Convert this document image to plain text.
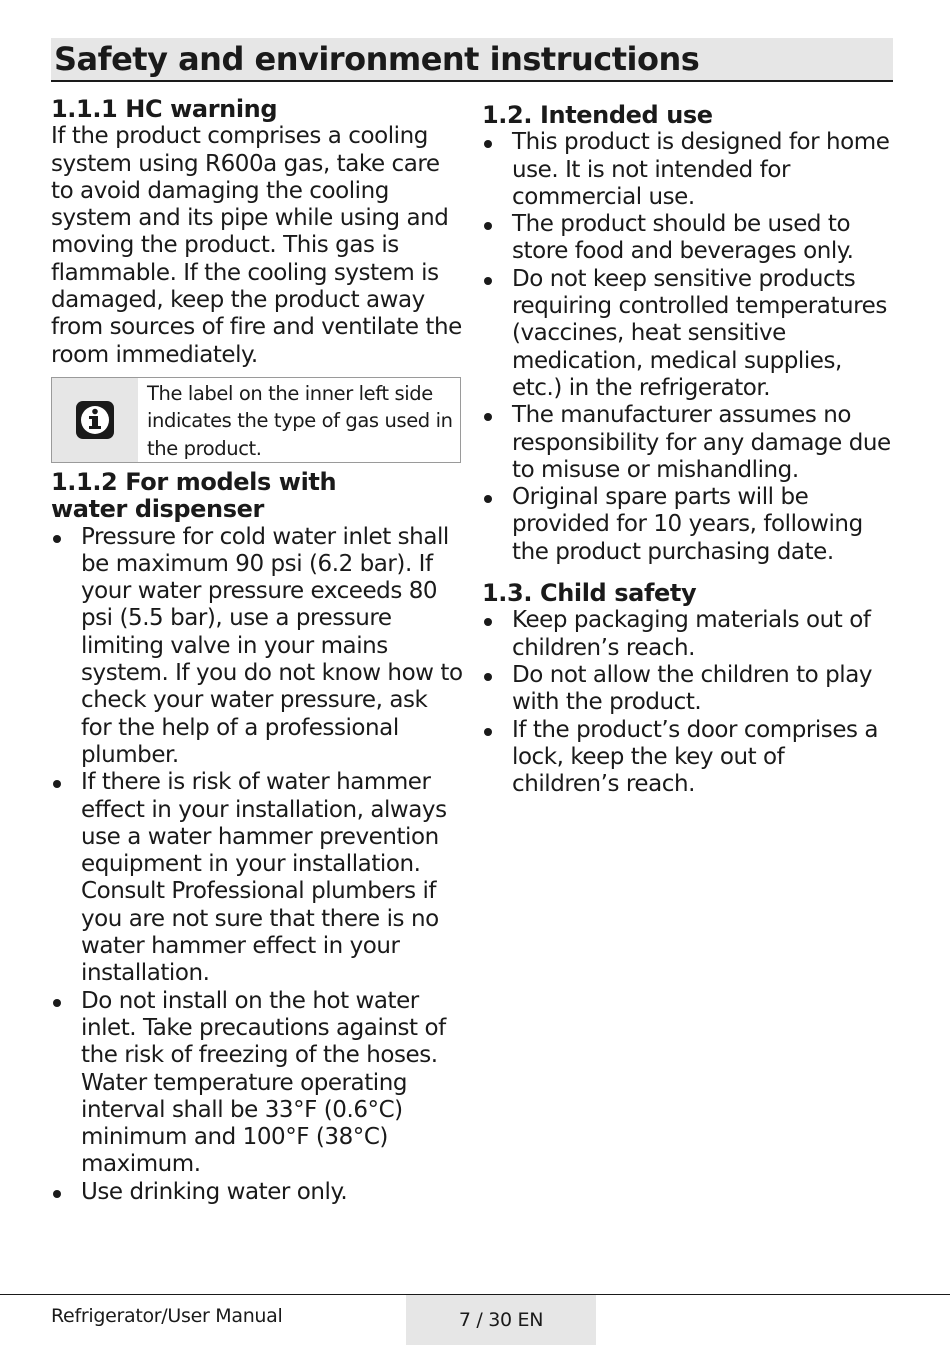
Safety and environment instructions
1.1.1 HC warning

If the product comprises a cooling system using R600a gas, take care to avoid damaging the cooling system and its pipe while using and moving the product. This gas is flammable. If the cooling system is damaged, keep the product away from sources of fire and ventilate the room immediately.

The label on the inner left side indicates the type of gas used in the product.
1.1.2 For models with
water dispenser
Pressure for cold water inlet shall be maximum 90 psi (6.2 bar). If your water pressure exceeds 80 psi (5.5 bar), use a pressure limiting valve in your mains system. If you do not know how to check your water pressure, ask for the help of a professional plumber.
If there is risk of water hammer effect in your installation, always use a water hammer prevention equipment in your installation. Consult Professional plumbers if you are not sure that there is no water hammer effect in your installation.
Do not install on the hot water inlet. Take precautions against of the risk of freezing of the hoses. Water temperature operating interval shall be 33°F (0.6°C) minimum and 100°F (38°C) maximum.
Use drinking water only.
1.2. Intended use
This product is designed for home use. It is not intended for commercial use.
The product should be used to store food and beverages only.
Do not keep sensitive products requiring controlled temperatures (vaccines, heat sensitive medication, medical supplies, etc.) in the refrigerator.
The manufacturer assumes no responsibility for any damage due to misuse or mishandling.
Original spare parts will be provided for 10 years, following the product purchasing date.
1.3. Child safety
Keep packaging materials out of children’s reach.
Do not allow the children to play with the product.
If the product’s door comprises a lock, keep the key out of children’s reach.
Refrigerator/User Manual	7 / 30 EN
